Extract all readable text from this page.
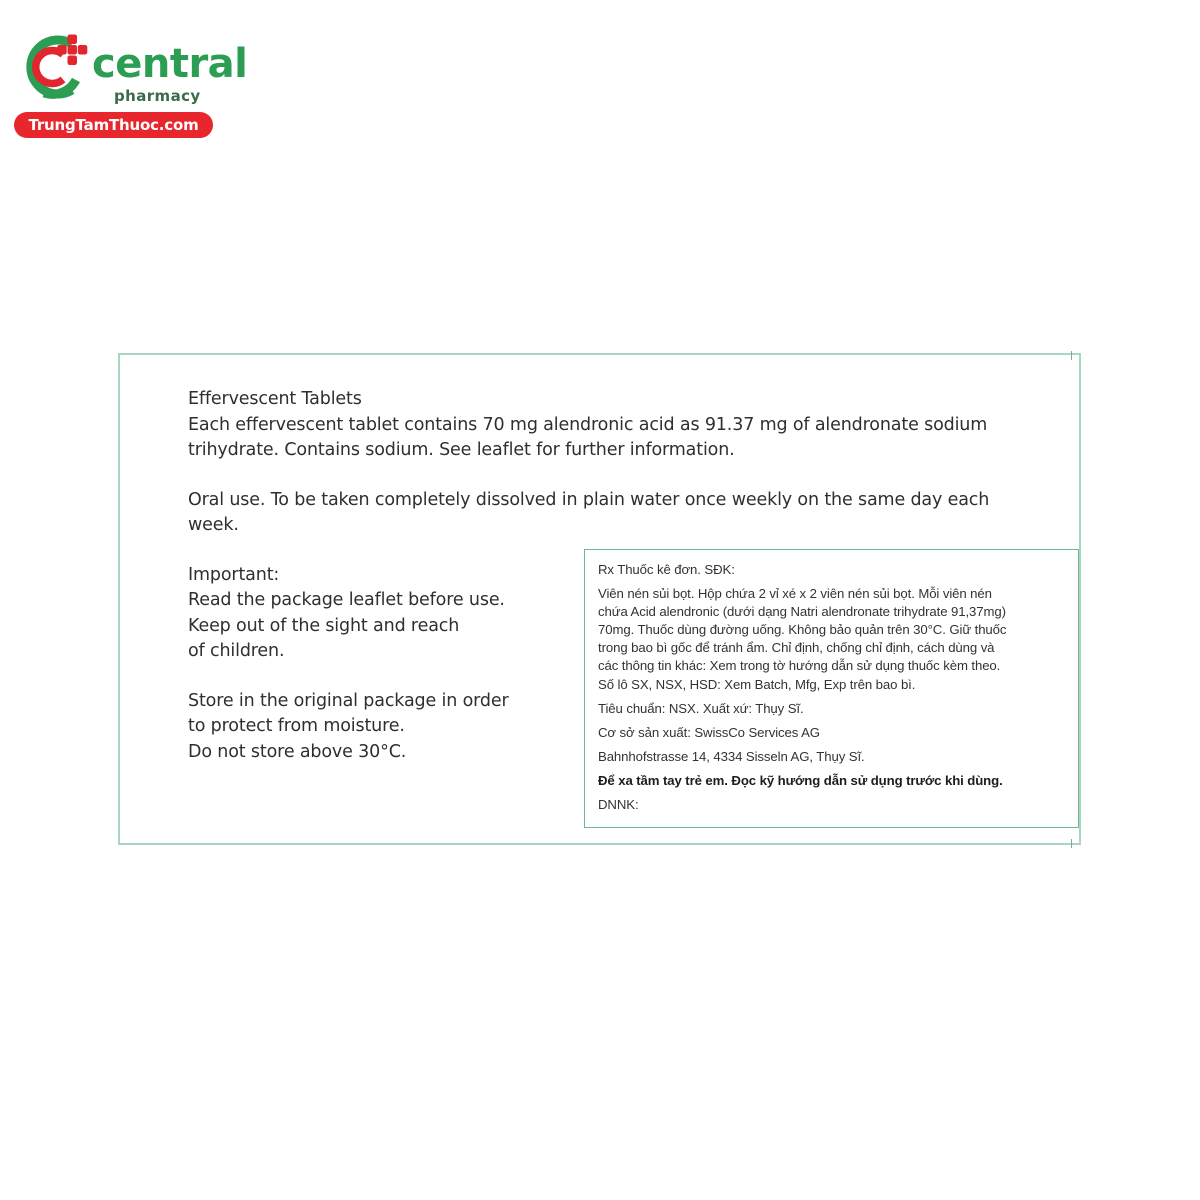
central
pharmacy
TrungTamThuoc.com
Effervescent Tablets
Each effervescent tablet contains 70 mg alendronic acid as 91.37 mg of alendronate sodium
trihydrate. Contains sodium. See leaflet for further information.
Oral use. To be taken completely dissolved in plain water once weekly on the same day each
week.
Important:
Read the package leaflet before use.
Keep out of the sight and reach
of children.
Store in the original package in order
to protect from moisture.
Do not store above 30°C.
Rx Thuốc kê đơn. SĐK:
Viên nén sủi bọt. Hộp chứa 2 vỉ xé x 2 viên nén sủi bọt. Mỗi viên nén
chứa Acid alendronic (dưới dạng Natri alendronate trihydrate 91,37mg)
70mg. Thuốc dùng đường uống. Không bảo quản trên 30°C. Giữ thuốc
trong bao bì gốc để tránh ẩm. Chỉ định, chống chỉ định, cách dùng và
các thông tin khác: Xem trong tờ hướng dẫn sử dụng thuốc kèm theo.
Số lô SX, NSX, HSD: Xem Batch, Mfg, Exp trên bao bì.
Tiêu chuẩn: NSX. Xuất xứ: Thụy Sĩ.
Cơ sở sản xuất: SwissCo Services AG
Bahnhofstrasse 14, 4334 Sisseln AG, Thụy Sĩ.
Để xa tầm tay trẻ em. Đọc kỹ hướng dẫn sử dụng trước khi dùng.
DNNK:
